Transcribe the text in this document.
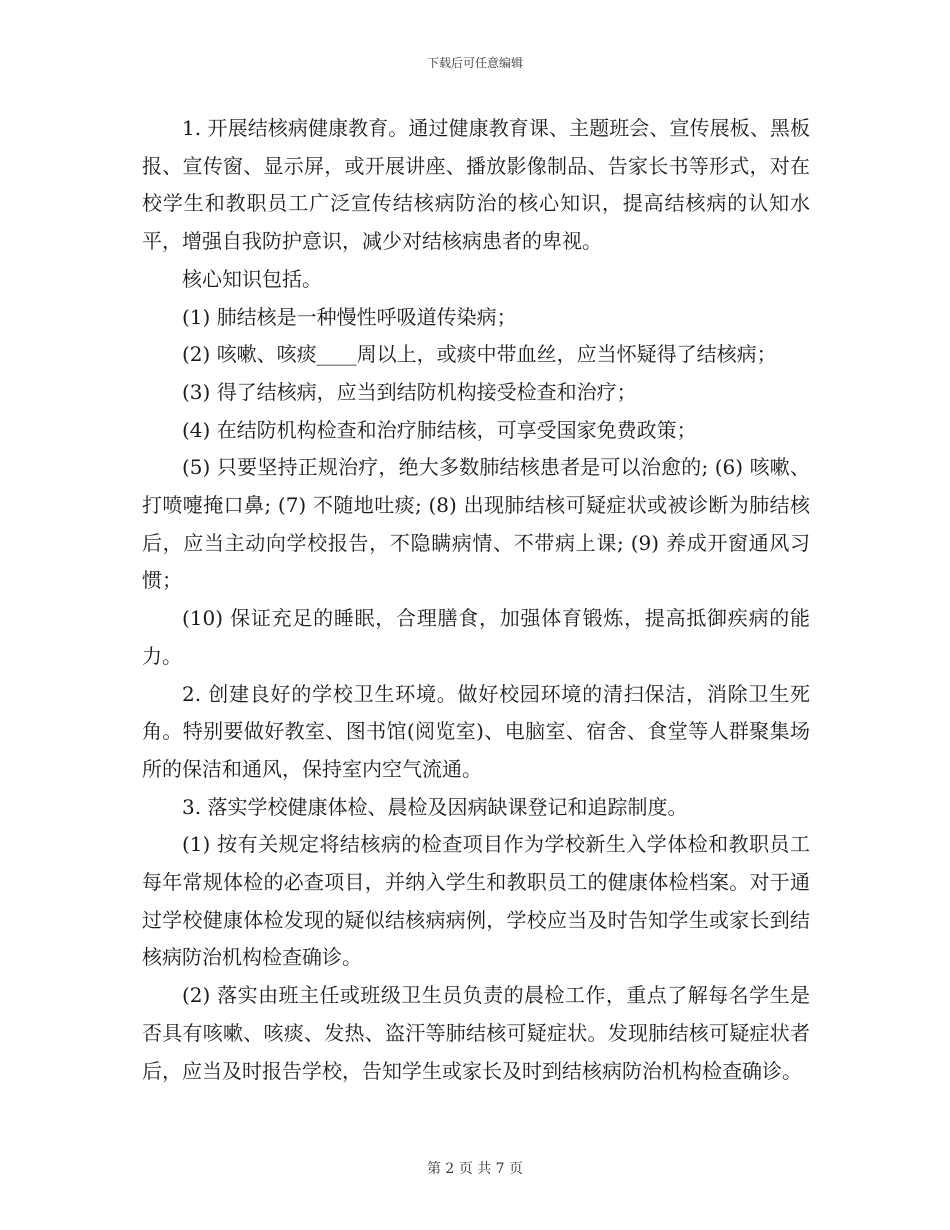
下载后可任意编辑

1. 开展结核病健康教育。通过健康教育课、主题班会、宣传展板、黑板报、宣传窗、显示屏，或开展讲座、播放影像制品、告家长书等形式，对在校学生和教职员工广泛宣传结核病防治的核心知识，提高结核病的认知水平，增强自我防护意识，减少对结核病患者的卑视。

核心知识包括。

(1) 肺结核是一种慢性呼吸道传染病；

(2) 咳嗽、咳痰____周以上，或痰中带血丝，应当怀疑得了结核病；

(3) 得了结核病，应当到结防机构接受检查和治疗；

(4) 在结防机构检查和治疗肺结核，可享受国家免费政策；

(5) 只要坚持正规治疗，绝大多数肺结核患者是可以治愈的; (6) 咳嗽、打喷嚏掩口鼻; (7) 不随地吐痰; (8) 出现肺结核可疑症状或被诊断为肺结核后，应当主动向学校报告，不隐瞒病情、不带病上课; (9) 养成开窗通风习惯；

(10) 保证充足的睡眠，合理膳食，加强体育锻炼，提高抵御疾病的能力。

2. 创建良好的学校卫生环境。做好校园环境的清扫保洁，消除卫生死角。特别要做好教室、图书馆(阅览室)、电脑室、宿舍、食堂等人群聚集场所的保洁和通风，保持室内空气流通。

3. 落实学校健康体检、晨检及因病缺课登记和追踪制度。

(1) 按有关规定将结核病的检查项目作为学校新生入学体检和教职员工每年常规体检的必查项目，并纳入学生和教职员工的健康体检档案。对于通过学校健康体检发现的疑似结核病病例，学校应当及时告知学生或家长到结核病防治机构检查确诊。

(2) 落实由班主任或班级卫生员负责的晨检工作，重点了解每名学生是否具有咳嗽、咳痰、发热、盗汗等肺结核可疑症状。发现肺结核可疑症状者后，应当及时报告学校，告知学生或家长及时到结核病防治机构检查确诊。

第 2 页 共 7 页
